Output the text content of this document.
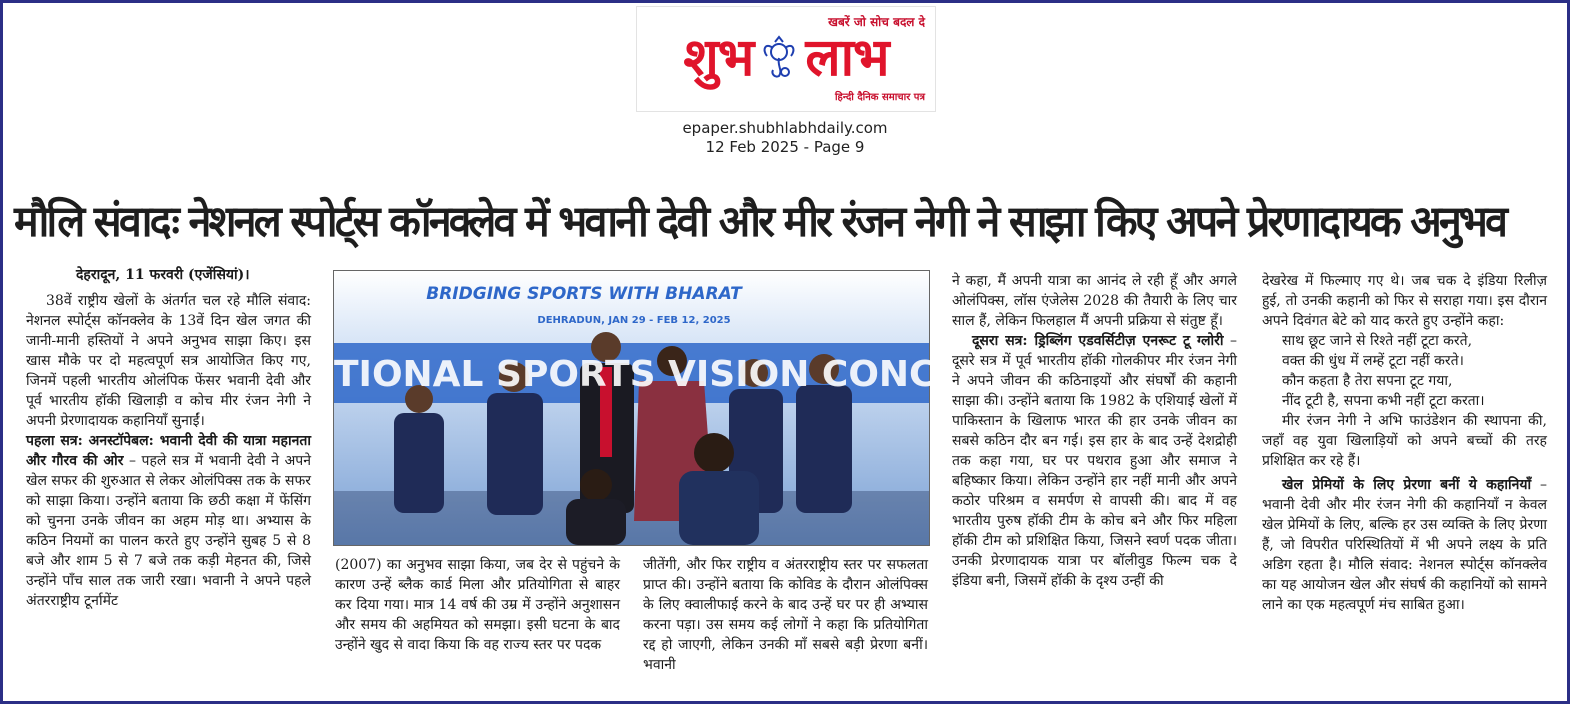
खबरें जो सोच बदल दे
शुभ लाभ
हिन्दी दैनिक समाचार पत्र
epaper.shubhlabhdaily.com
12 Feb 2025 - Page 9
मौलि संवादः नेशनल स्पोर्ट्स कॉनक्लेव में भवानी देवी और मीर रंजन नेगी ने साझा किए अपने प्रेरणादायक अनुभव

देहरादून, 11 फरवरी (एजेंसियां)।

38वें राष्ट्रीय खेलों के अंतर्गत चल रहे मौलि संवाद: नेशनल स्पोर्ट्स कॉनक्लेव के 13वें दिन खेल जगत की जानी-मानी हस्तियों ने अपने अनुभव साझा किए। इस खास मौके पर दो महत्वपूर्ण सत्र आयोजित किए गए, जिनमें पहली भारतीय ओलंपिक फेंसर भवानी देवी और पूर्व भारतीय हॉकी खिलाड़ी व कोच मीर रंजन नेगी ने अपनी प्रेरणादायक कहानियाँ सुनाईं।

पहला सत्र: अनस्टॉपेबल: भवानी देवी की यात्रा महानता और गौरव की ओर – पहले सत्र में भवानी देवी ने अपने खेल सफर की शुरुआत से लेकर ओलंपिक्स तक के सफर को साझा किया। उन्होंने बताया कि छठी कक्षा में फेंसिंग को चुनना उनके जीवन का अहम मोड़ था। अभ्यास के कठिन नियमों का पालन करते हुए उन्होंने सुबह 5 से 8 बजे और शाम 5 से 7 बजे तक कड़ी मेहनत की, जिसे उन्होंने पाँच साल तक जारी रखा। भवानी ने अपने पहले अंतरराष्ट्रीय टूर्नामेंट

BRIDGING SPORTS WITH BHARAT
DEHRADUN, JAN 29 - FEB 12, 2025
TIONAL SPORTS VISION CONCLAVE

(2007) का अनुभव साझा किया, जब देर से पहुंचने के कारण उन्हें ब्लैक कार्ड मिला और प्रतियोगिता से बाहर कर दिया गया। मात्र 14 वर्ष की उम्र में उन्होंने अनुशासन और समय की अहमियत को समझा। इसी घटना के बाद उन्होंने खुद से वादा किया कि वह राज्य स्तर पर पदक

जीतेंगी, और फिर राष्ट्रीय व अंतरराष्ट्रीय स्तर पर सफलता प्राप्त की। उन्होंने बताया कि कोविड के दौरान ओलंपिक्स के लिए क्वालीफाई करने के बाद उन्हें घर पर ही अभ्यास करना पड़ा। उस समय कई लोगों ने कहा कि प्रतियोगिता रद्द हो जाएगी, लेकिन उनकी माँ सबसे बड़ी प्रेरणा बनीं। भवानी

ने कहा, मैं अपनी यात्रा का आनंद ले रही हूँ और अगले ओलंपिक्स, लॉस एंजेलेस 2028 की तैयारी के लिए चार साल हैं, लेकिन फिलहाल मैं अपनी प्रक्रिया से संतुष्ट हूँ।

दूसरा सत्र: ड्रिब्लिंग एडवर्सिटीज़ एनरूट टू ग्लोरी – दूसरे सत्र में पूर्व भारतीय हॉकी गोलकीपर मीर रंजन नेगी ने अपने जीवन की कठिनाइयों और संघर्षों की कहानी साझा की। उन्होंने बताया कि 1982 के एशियाई खेलों में पाकिस्तान के खिलाफ भारत की हार उनके जीवन का सबसे कठिन दौर बन गई। इस हार के बाद उन्हें देशद्रोही तक कहा गया, घर पर पथराव हुआ और समाज ने बहिष्कार किया। लेकिन उन्होंने हार नहीं मानी और अपने कठोर परिश्रम व समर्पण से वापसी की। बाद में वह भारतीय पुरुष हॉकी टीम के कोच बने और फिर महिला हॉकी टीम को प्रशिक्षित किया, जिसने स्वर्ण पदक जीता। उनकी प्रेरणादायक यात्रा पर बॉलीवुड फिल्म चक दे इंडिया बनी, जिसमें हॉकी के दृश्य उन्हीं की

देखरेख में फिल्माए गए थे। जब चक दे इंडिया रिलीज़ हुई, तो उनकी कहानी को फिर से सराहा गया। इस दौरान अपने दिवंगत बेटे को याद करते हुए उन्होंने कहा:

साथ छूट जाने से रिश्ते नहीं टूटा करते,
वक्त की धुंध में लम्हें टूटा नहीं करते।
कौन कहता है तेरा सपना टूट गया,
नींद टूटी है, सपना कभी नहीं टूटा करता।

मीर रंजन नेगी ने अभि फाउंडेशन की स्थापना की, जहाँ वह युवा खिलाड़ियों को अपने बच्चों की तरह प्रशिक्षित कर रहे हैं।

खेल प्रेमियों के लिए प्रेरणा बनीं ये कहानियाँ – भवानी देवी और मीर रंजन नेगी की कहानियाँ न केवल खेल प्रेमियों के लिए, बल्कि हर उस व्यक्ति के लिए प्रेरणा हैं, जो विपरीत परिस्थितियों में भी अपने लक्ष्य के प्रति अडिग रहता है। मौलि संवाद: नेशनल स्पोर्ट्स कॉनक्लेव का यह आयोजन खेल और संघर्ष की कहानियों को सामने लाने का एक महत्वपूर्ण मंच साबित हुआ।
